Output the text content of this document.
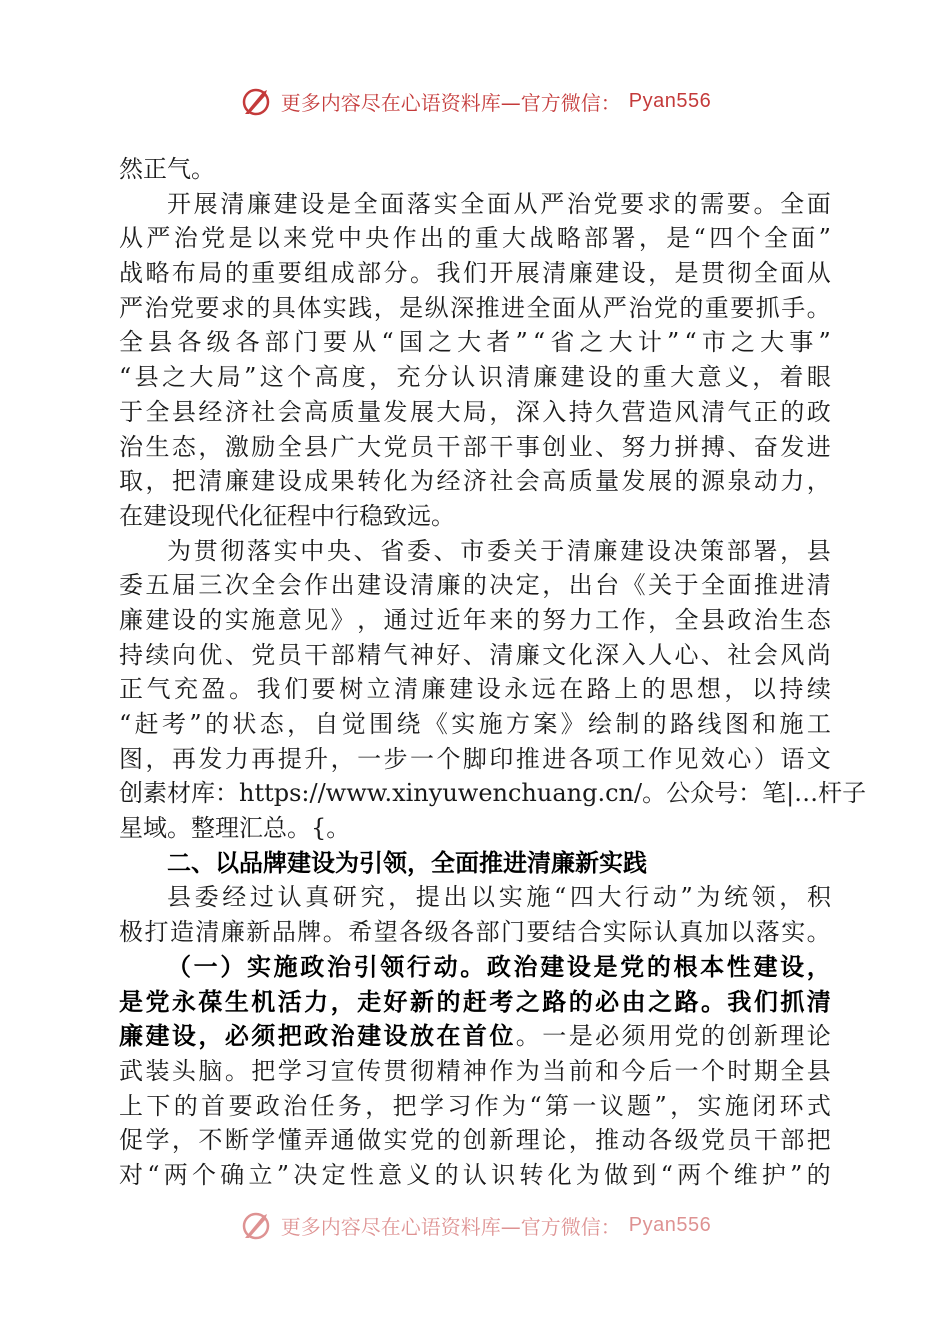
更多内容尽在心语资料库—官方微信： Pyan556
然正气。
开 展 清 廉 建 设 是 全 面 落 实 全 面 从 严 治 党 要 求 的 需 要 。 全 面
从 严 治 党 是 以 来 党 中 央 作 出 的 重 大 战 略 部 署 ， 是 “ 四 个 全 面 ”
战 略 布 局 的 重 要 组 成 部 分 。 我 们 开 展 清 廉 建 设 ， 是 贯 彻 全 面 从
严 治 党 要 求 的 具 体 实 践 ， 是 纵 深 推 进 全 面 从 严 治 党 的 重 要 抓 手 。
全 县 各 级 各 部 门 要 从 “ 国 之 大 者 ” “ 省 之 大 计 ” “ 市 之 大 事 ”
“ 县 之 大 局 ” 这 个 高 度 ， 充 分 认 识 清 廉 建 设 的 重 大 意 义 ， 着 眼
于 全 县 经 济 社 会 高 质 量 发 展 大 局 ， 深 入 持 久 营 造 风 清 气 正 的 政
治 生 态 ， 激 励 全 县 广 大 党 员 干 部 干 事 创 业 、 努 力 拼 搏 、 奋 发 进
取 ， 把 清 廉 建 设 成 果 转 化 为 经 济 社 会 高 质 量 发 展 的 源 泉 动 力 ，
在建设现代化征程中行稳致远。
为 贯 彻 落 实 中 央 、 省 委 、 市 委 关 于 清 廉 建 设 决 策 部 署 ， 县
委 五 届 三 次 全 会 作 出 建 设 清 廉 的 决 定 ， 出 台 《 关 于 全 面 推 进 清
廉 建 设 的 实 施 意 见 》 ， 通 过 近 年 来 的 努 力 工 作 ， 全 县 政 治 生 态
持 续 向 优 、 党 员 干 部 精 气 神 好 、 清 廉 文 化 深 入 人 心 、 社 会 风 尚
正 气 充 盈 。 我 们 要 树 立 清 廉 建 设 永 远 在 路 上 的 思 想 ， 以 持 续
“ 赶 考 ” 的 状 态 ， 自 觉 围 绕 《 实 施 方 案 》 绘 制 的 路 线 图 和 施 工
图 ， 再 发 力 再 提 升 ， 一 步 一 个 脚 印 推 进 各 项 工 作 见 效 心 ） 语 文
创素材库：https://www.xinyuwenchuang.cn/。公众号：笔|…杆子
星域。整理汇总。{。
二、以品牌建设为引领，全面推进清廉新实践
县 委 经 过 认 真 研 究 ， 提 出 以 实 施 “ 四 大 行 动 ” 为 统 领 ， 积
极 打 造 清 廉 新 品 牌 。 希 望 各 级 各 部 门 要 结 合 实 际 认 真 加 以 落 实 。
（ 一 ） 实 施 政 治 引 领 行 动 。 政 治 建 设 是 党 的 根 本 性 建 设 ，
是 党 永 葆 生 机 活 力 ， 走 好 新 的 赶 考 之 路 的 必 由 之 路 。 我 们 抓 清
廉 建 设 ， 必 须 把 政 治 建 设 放 在 首 位 。 一 是 必 须 用 党 的 创 新 理 论
武 装 头 脑 。 把 学 习 宣 传 贯 彻 精 神 作 为 当 前 和 今 后 一 个 时 期 全 县
上 下 的 首 要 政 治 任 务 ， 把 学 习 作 为 “ 第 一 议 题 ” ， 实 施 闭 环 式
促 学 ， 不 断 学 懂 弄 通 做 实 党 的 创 新 理 论 ， 推 动 各 级 党 员 干 部 把
对 “ 两 个 确 立 ” 决 定 性 意 义 的 认 识 转 化 为 做 到 “ 两 个 维 护 ” 的
更多内容尽在心语资料库—官方微信： Pyan556
